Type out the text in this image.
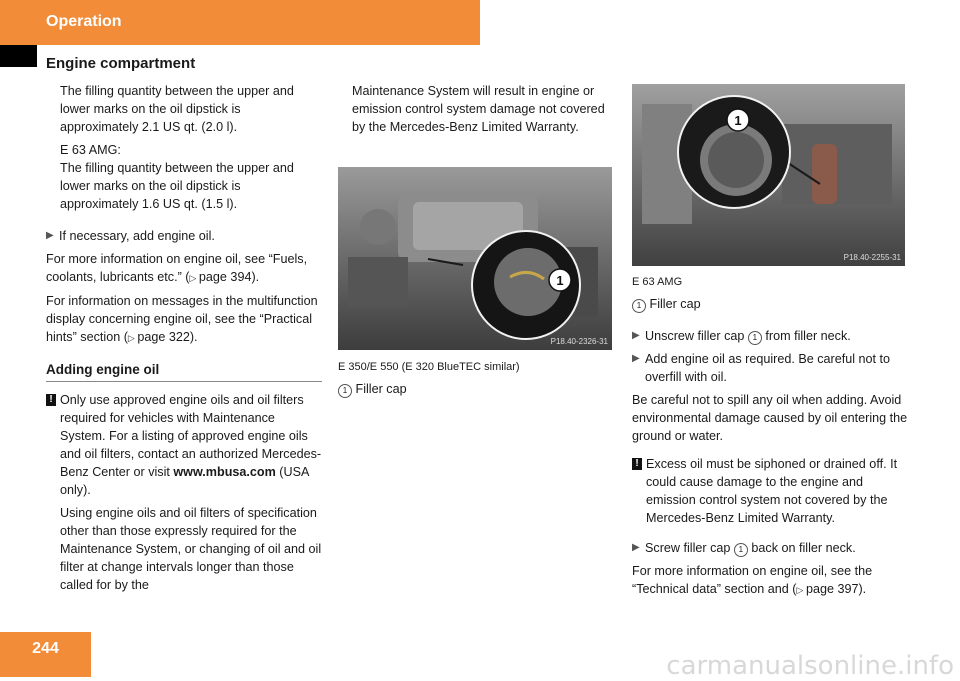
Operation
Engine compartment

The filling quantity between the upper and lower marks on the oil dipstick is approximately 2.1 US qt. (2.0 l).

E 63 AMG:

The filling quantity between the upper and lower marks on the oil dipstick is approximately 1.6 US qt. (1.5 l).

▶ If necessary, add engine oil.

For more information on engine oil, see “Fuels, coolants, lubricants etc.” (▷ page 394).

For information on messages in the multifunction display concerning engine oil, see the “Practical hints” section (▷ page 322).

Adding engine oil
! Only use approved engine oils and oil filters required for vehicles with Maintenance System. For a listing of approved engine oils and oil filters, contact an authorized Mercedes-Benz Center or visit www.mbusa.com (USA only).

Using engine oils and oil filters of specification other than those expressly required for the Maintenance System, or changing of oil and oil filter at change intervals longer than those called for by the

Maintenance System will result in engine or emission control system damage not covered by the Mercedes-Benz Limited Warranty.

1
P18.40-2326-31

E 350/E 550 (E 320 BlueTEC similar)

1 Filler cap

1
P18.40-2255-31

E 63 AMG

1 Filler cap

▶ Unscrew filler cap 1 from filler neck.
▶ Add engine oil as required. Be careful not to overfill with oil.

Be careful not to spill any oil when adding. Avoid environmental damage caused by oil entering the ground or water.

! Excess oil must be siphoned or drained off. It could cause damage to the engine and emission control system not covered by the Mercedes-Benz Limited Warranty.
▶ Screw filler cap 1 back on filler neck.

For more information on engine oil, see the “Technical data” section and (▷ page 397).

244
carmanualsonline.info
